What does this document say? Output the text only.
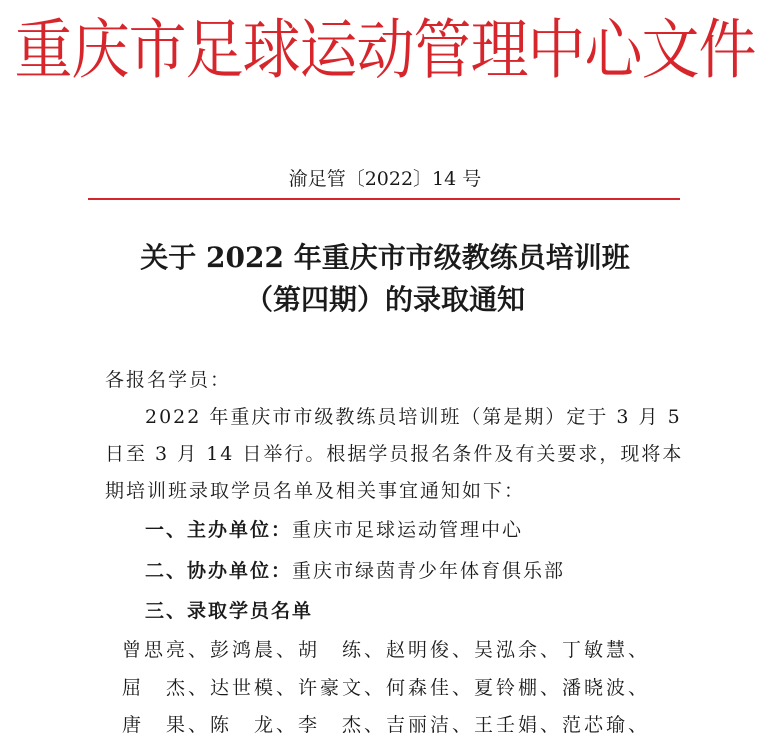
重庆市足球运动管理中心文件
渝足管〔2022〕14 号
关于 2022 年重庆市市级教练员培训班
（第四期）的录取通知
各报名学员：
2022 年重庆市市级教练员培训班（第是期）定于 3 月 5
日至 3 月 14 日举行。根据学员报名条件及有关要求，现将本
期培训班录取学员名单及相关事宜通知如下：
一、主办单位：重庆市足球运动管理中心
二、协办单位：重庆市绿茵青少年体育俱乐部
三、录取学员名单
曾思亮、彭鸿晨、胡　练、赵明俊、吴泓余、丁敏慧、
屈　杰、达世模、许豪文、何森佳、夏铃棚、潘晓波、
唐　果、陈　龙、李　杰、吉丽洁、王壬娟、范芯瑜、
